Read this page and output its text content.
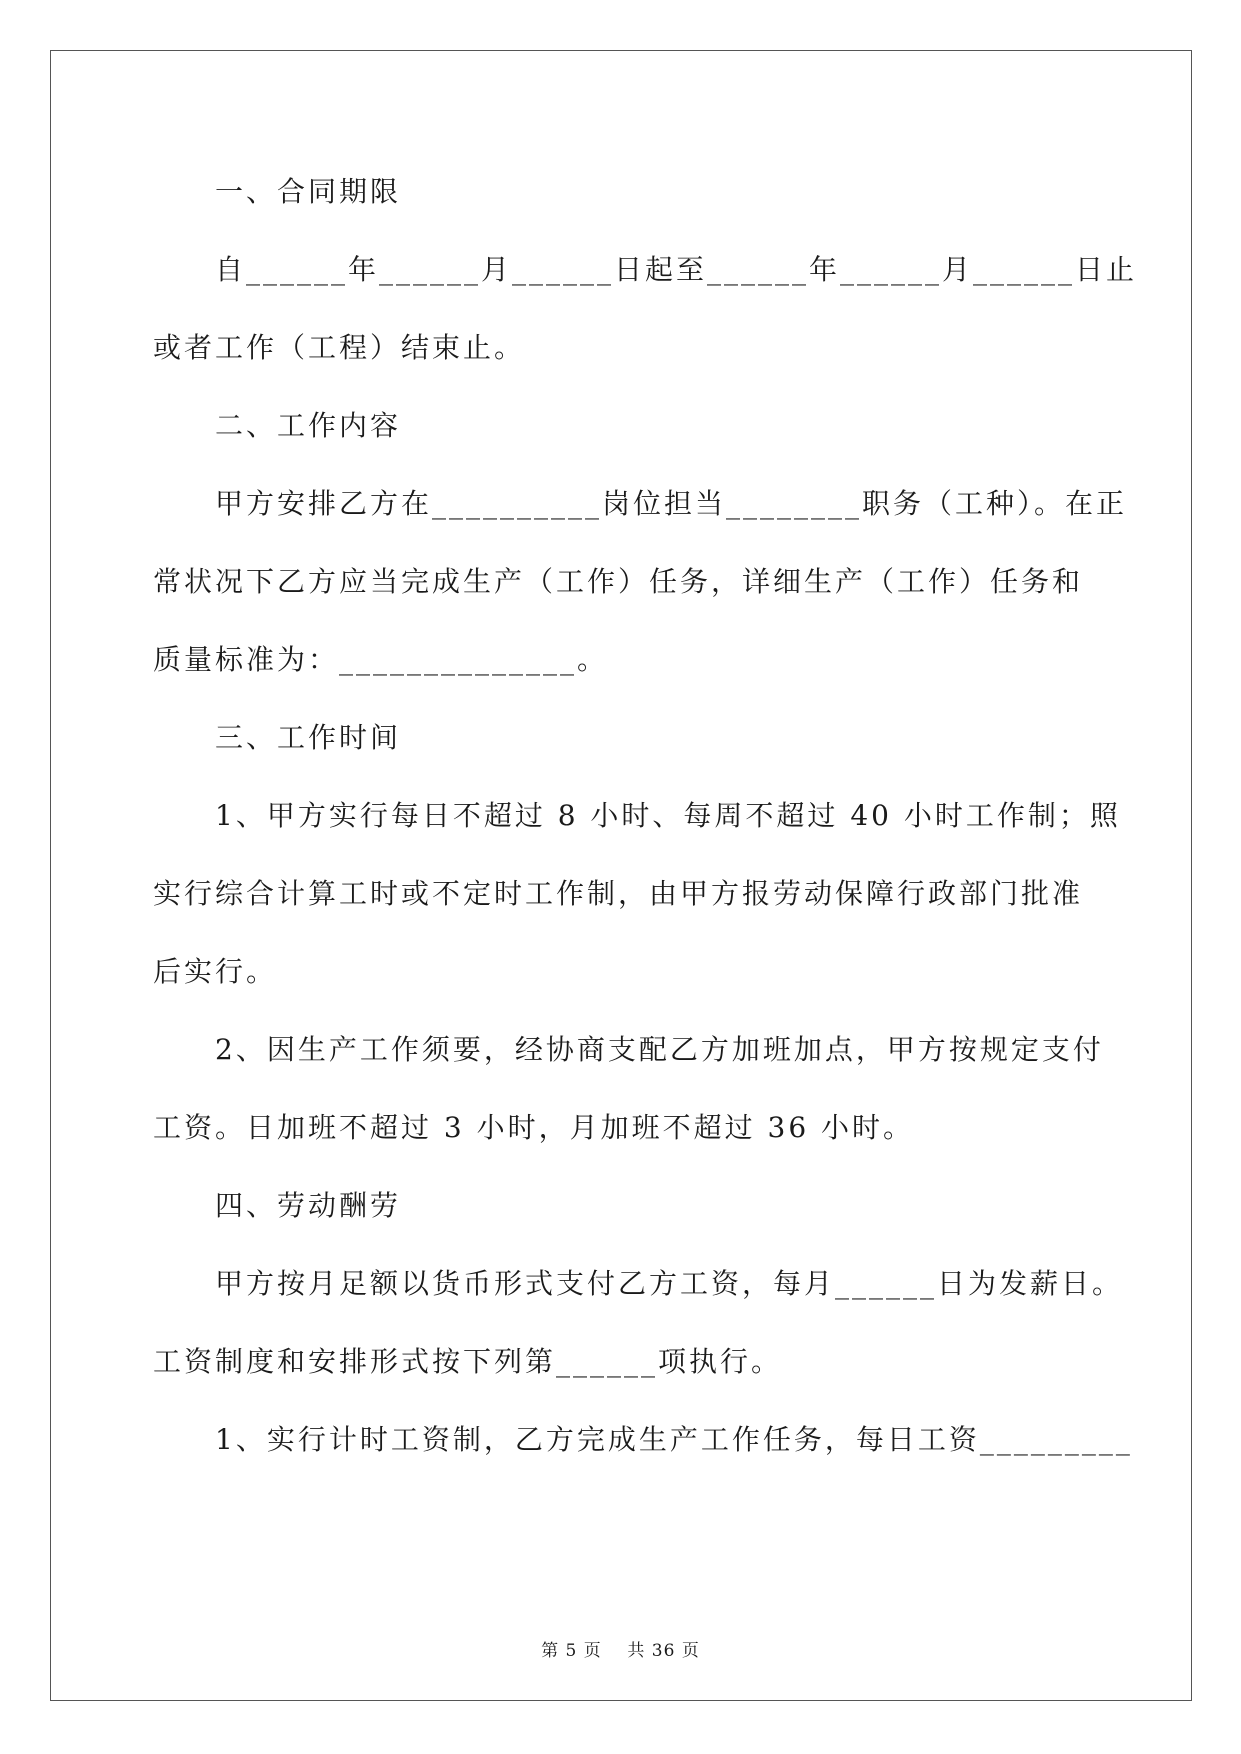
一、合同期限
自______年______月______日起至______年______月______日止
或者工作（工程）结束止。
二、工作内容
甲方安排乙方在__________岗位担当________职务（工种）。在正
常状况下乙方应当完成生产（工作）任务，详细生产（工作）任务和
质量标准为：______________。
三、工作时间
1、甲方实行每日不超过 8 小时、每周不超过 40 小时工作制；照
实行综合计算工时或不定时工作制，由甲方报劳动保障行政部门批准
后实行。
2、因生产工作须要，经协商支配乙方加班加点，甲方按规定支付
工资。日加班不超过 3 小时，月加班不超过 36 小时。
四、劳动酬劳
甲方按月足额以货币形式支付乙方工资，每月______日为发薪日。
工资制度和安排形式按下列第______项执行。
1、实行计时工资制，乙方完成生产工作任务，每日工资_________
第 5 页 共 36 页
